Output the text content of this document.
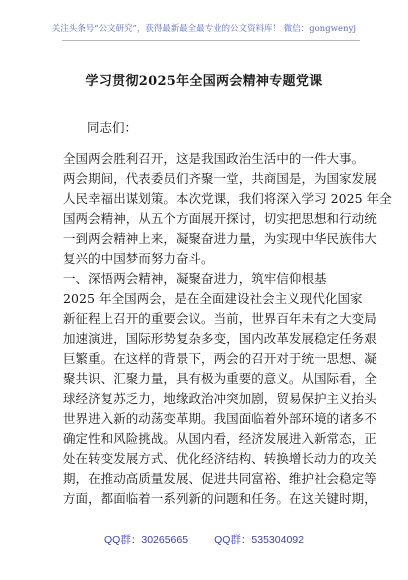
关注头条号“公文研究”，获得最新最全最专业的公文资料库！ 微信：gongwenyj
学习贯彻2025年全国两会精神专题党课
同志们：
全国两会胜利召开，这是我国政治生活中的一件大事。
两会期间，代表委员们齐聚一堂，共商国是，为国家发展
人民幸福出谋划策。本次党课，我们将深入学习 2025 年全
国两会精神，从五个方面展开探讨，切实把思想和行动统
一到两会精神上来，凝聚奋进力量，为实现中华民族伟大
复兴的中国梦而努力奋斗。
一、深悟两会精神，凝聚奋进力，筑牢信仰根基
2025 年全国两会，是在全面建设社会主义现代化国家
新征程上召开的重要会议。当前，世界百年未有之大变局
加速演进，国际形势复杂多变，国内改革发展稳定任务艰
巨繁重。在这样的背景下，两会的召开对于统一思想、凝
聚共识、汇聚力量，具有极为重要的意义。从国际看，全
球经济复苏乏力，地缘政治冲突加剧，贸易保护主义抬头
世界进入新的动荡变革期。我国面临着外部环境的诸多不
确定性和风险挑战。从国内看，经济发展进入新常态，正
处在转变发展方式、优化经济结构、转换增长动力的攻关
期，在推动高质量发展、促进共同富裕、维护社会稳定等
方面，都面临着一系列新的问题和任务。在这关键时期，
QQ群：30265665 QQ群：535304092
